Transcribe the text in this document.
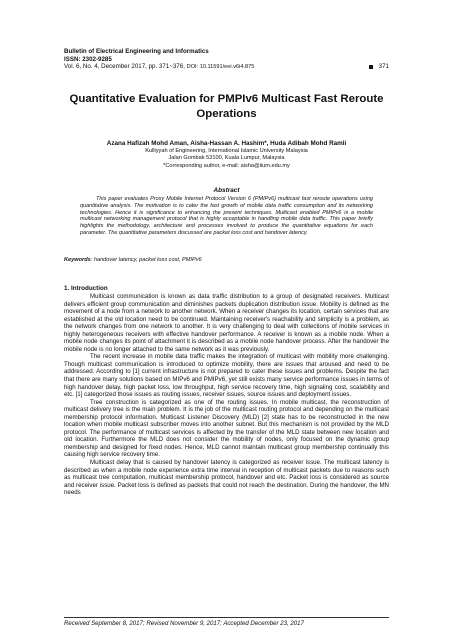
Bulletin of Electrical Engineering and Informatics
ISSN: 2302-9285
Vol. 6, No. 4, December 2017, pp. 371~376, DOI: 10.11591/eei.v6i4.875	371
Quantitative Evaluation for PMPIv6 Multicast Fast Reroute Operations
Azana Hafizah Mohd Aman, Aisha-Hassan A. Hashim*, Huda Adibah Mohd Ramli
Kulliyyah of Engineering, International Islamic University Malaysia
Jalan Gombak 53100, Kuala Lumpur, Malaysia
*Corresponding author, e-mail: aisha@iium.edu.my
Abstract
This paper evaluates Proxy Mobile Internet Protocol Version 6 (PMIPv6) multicast fast reroute operations using quantitative analysis. The motivation is to cater the fast growth of mobile data traffic consumption and its networking technologies. Hence it is significance to enhancing the present techniques. Multicast enabled PMIPv6 is a mobile multicast networking management protocol that is highly acceptable in handling mobile data traffic. This paper briefly highlights the methodology, architecture and processes involved to produce the quantitative equations for each parameter. The quantitative parameters discussed are packet loss cost and handover latency.
Keywords: handover latency, packet loss cost, PMIPv6
1. Introduction

Multicast communication is known as data traffic distribution to a group of designated receivers. Multicast delivers efficient group communication and diminishes packets duplication distribution issue. Mobility is defined as the movement of a node from a network to another network. When a receiver changes its location, certain services that are established at the old location need to be continued. Maintaining receiver's reachability and simplicity is a problem, as the network changes from one network to another. It is very challenging to deal with collections of mobile services in highly heterogeneous receivers with effective handover performance. A receiver is known as a mobile node. When a mobile node changes its point of attachment it is described as a mobile node handover process. After the handover the mobile node is no longer attached to the same network as it was previously.

The recent increase in mobile data traffic makes the integration of multicast with mobility more challenging. Though multicast communication is introduced to optimize mobility, there are issues that aroused and need to be addressed. According to [1] current infrastructure is not prepared to cater these issues and problems. Despite the fact that there are many solutions based on MIPv6 and PMIPv6, yet still exists many service performance issues in terms of high handover delay, high packet loss, low throughput, high service recovery time, high signaling cost, scalability and etc. [1] categorized those issues as routing issues, receiver issues, source issues and deployment issues.

Tree construction is categorized as one of the routing issues. In mobile multicast, the reconstruction of multicast delivery tree is the main problem. It is the job of the multicast routing protocol and depending on the multicast membership protocol information. Multicast Listener Discovery (MLD) [2] state has to be reconstructed in the new location when mobile multicast subscriber moves into another subnet. But this mechanism is not provided by the MLD protocol. The performance of multicast services is affected by the transfer of the MLD state between new location and old location. Furthermore the MLD does not consider the mobility of nodes, only focused on the dynamic group membership and designed for fixed nodes. Hence, MLD cannot maintain multicast group membership continually this causing high service recovery time.

Multicast delay that is caused by handover latency is categorized as receiver issue. The multicast latency is described as when a mobile node experience extra time interval in reception of multicast packets due to reasons such as multicast tree computation, multicast membership protocol, handover and etc. Packet loss is considered as source and receiver issue. Packet loss is defined as packets that could not reach the destination. During the handover, the MN needs

Received September 8, 2017; Revised November 9, 2017; Accepted December 23, 2017
